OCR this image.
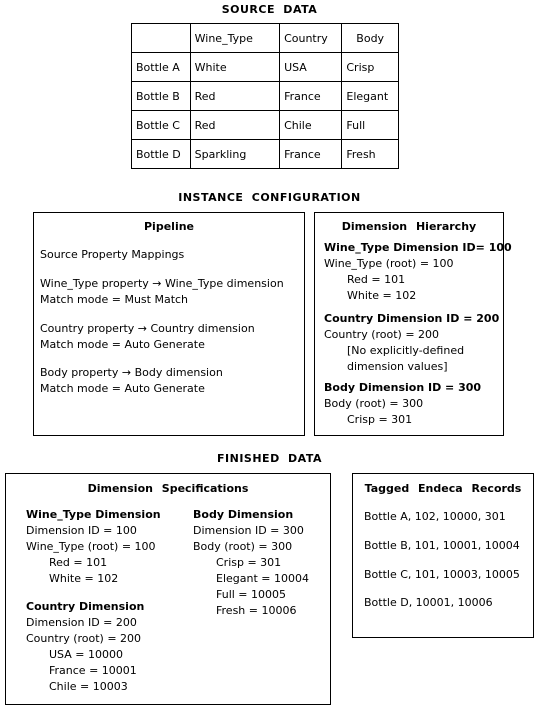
SOURCE DATA
	Wine_Type	Country	Body
Bottle A	White	USA	Crisp
Bottle B	Red	France	Elegant
Bottle C	Red	Chile	Full
Bottle D	Sparkling	France	Fresh
INSTANCE CONFIGURATION
Pipeline
Source Property Mappings
Wine_Type property → Wine_Type dimension
Match mode = Must Match
Country property → Country dimension
Match mode = Auto Generate
Body property → Body dimension
Match mode = Auto Generate
Dimension Hierarchy
Wine_Type Dimension ID= 100
Wine_Type (root) = 100
Red = 101
White = 102
Country Dimension ID = 200
Country (root) = 200
[No explicitly-defined
dimension values]
Body Dimension ID = 300
Body (root) = 300
Crisp = 301
FINISHED DATA
Dimension Specifications
Wine_Type Dimension
Dimension ID = 100
Wine_Type (root) = 100
Red = 101
White = 102
Country Dimension
Dimension ID = 200
Country (root) = 200
USA = 10000
France = 10001
Chile = 10003
Body Dimension
Dimension ID = 300
Body (root) = 300
Crisp = 301
Elegant = 10004
Full = 10005
Fresh = 10006
Tagged Endeca Records
Bottle A, 102, 10000, 301
Bottle B, 101, 10001, 10004
Bottle C, 101, 10003, 10005
Bottle D, 10001, 10006
